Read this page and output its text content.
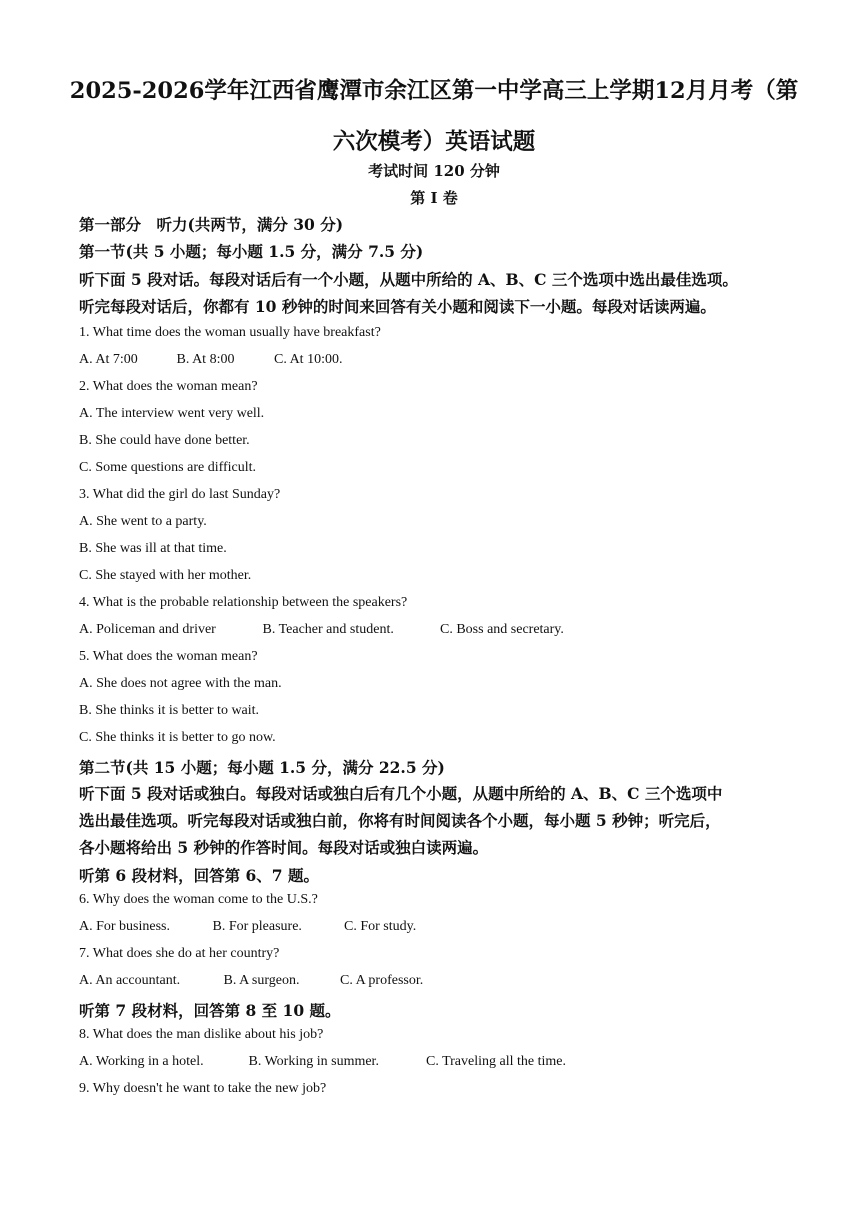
2025-2026学年江西省鹰潭市余江区第一中学高三上学期12月月考（第
六次模考）英语试题
考试时间 120 分钟
第 I 卷
第一部分　听力(共两节，满分 30 分)
第一节(共 5 小题；每小题 1.5 分，满分 7.5 分)
听下面 5 段对话。每段对话后有一个小题，从题中所给的 A、B、C 三个选项中选出最佳选项。
听完每段对话后，你都有 10 秒钟的时间来回答有关小题和阅读下一小题。每段对话读两遍。
1. What time does the woman usually have breakfast?
A. At 7:00	B. At 8:00	C. At 10:00.
2. What does the woman mean?
A. The interview went very well.
B. She could have done better.
C. Some questions are difficult.
3. What did the girl do last Sunday?
A. She went to a party.
B. She was ill at that time.
C. She stayed with her mother.
4. What is the probable relationship between the speakers?
A. Policeman and driver	B. Teacher and student.	C. Boss and secretary.
5. What does the woman mean?
A. She does not agree with the man.
B. She thinks it is better to wait.
C. She thinks it is better to go now.
第二节(共 15 小题；每小题 1.5 分，满分 22.5 分)
听下面 5 段对话或独白。每段对话或独白后有几个小题，从题中所给的 A、B、C 三个选项中
选出最佳选项。听完每段对话或独白前，你将有时间阅读各个小题，每小题 5 秒钟；听完后，
各小题将给出 5 秒钟的作答时间。每段对话或独白读两遍。
听第 6 段材料，回答第 6、7 题。
6. Why does the woman come to the U.S.?
A. For business.	B. For pleasure.	C. For study.
7. What does she do at her country?
A. An accountant.	B. A surgeon.	C. A professor.
听第 7 段材料，回答第 8 至 10 题。
8. What does the man dislike about his job?
A. Working in a hotel.	B. Working in summer.	C. Traveling all the time.
9. Why doesn't he want to take the new job?
